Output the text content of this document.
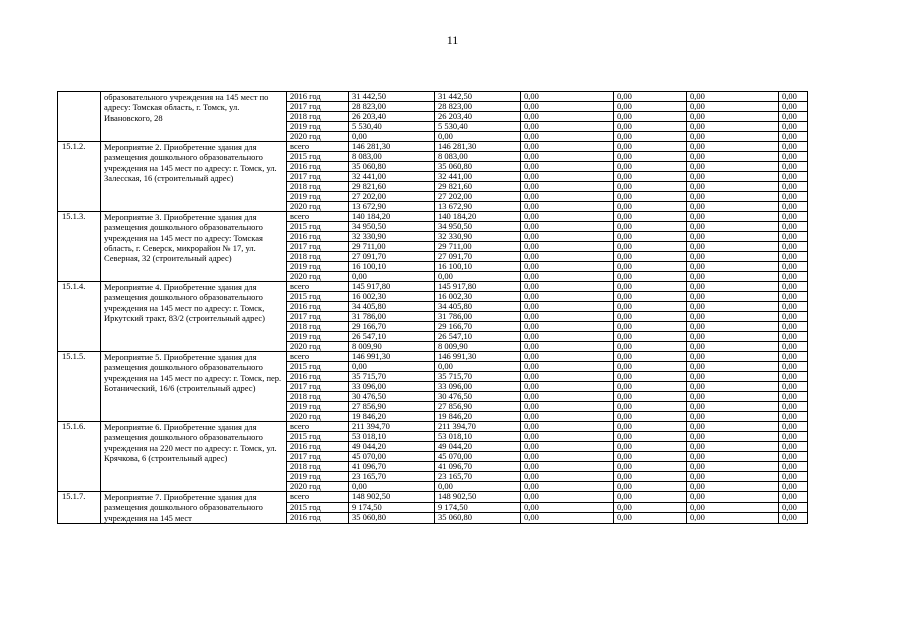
11
	образовательного учреждения на 145 мест по адресу: Томская область, г. Томск, ул. Ивановского, 28	2016 год	31 442,50	31 442,50	0,00	0,00	0,00	0,00	
		2017 год	28 823,00	28 823,00	0,00	0,00	0,00	0,00	
		2018 год	26 203,40	26 203,40	0,00	0,00	0,00	0,00	
		2019 год	5 530,40	5 530,40	0,00	0,00	0,00	0,00	
		2020 год	0,00	0,00	0,00	0,00	0,00	0,00	
15.1.2.	Мероприятие 2. Приобретение здания для размещения дошкольного образовательного учреждения на 145 мест по адресу: г. Томск, ул. Залесская, 16 (строительный адрес)	всего	146 281,30	146 281,30	0,00	0,00	0,00	0,00	
		2015 год	8 083,00	8 083,00	0,00	0,00	0,00	0,00	
		2016 год	35 060,80	35 060,80	0,00	0,00	0,00	0,00	
		2017 год	32 441,00	32 441,00	0,00	0,00	0,00	0,00	
		2018 год	29 821,60	29 821,60	0,00	0,00	0,00	0,00	
		2019 год	27 202,00	27 202,00	0,00	0,00	0,00	0,00	
		2020 год	13 672,90	13 672,90	0,00	0,00	0,00	0,00	
15.1.3.	Мероприятие 3. Приобретение здания для размещения дошкольного образовательного учреждения на 145 мест по адресу: Томская область, г. Северск, микрорайон № 17, ул. Северная, 32 (строительный адрес)	всего	140 184,20	140 184,20	0,00	0,00	0,00	0,00	
		2015 год	34 950,50	34 950,50	0,00	0,00	0,00	0,00	
		2016 год	32 330,90	32 330,90	0,00	0,00	0,00	0,00	
		2017 год	29 711,00	29 711,00	0,00	0,00	0,00	0,00	
		2018 год	27 091,70	27 091,70	0,00	0,00	0,00	0,00	
		2019 год	16 100,10	16 100,10	0,00	0,00	0,00	0,00	
		2020 год	0,00	0,00	0,00	0,00	0,00	0,00	
15.1.4.	Мероприятие 4. Приобретение здания для размещения дошкольного образовательного учреждения на 145 мест по адресу: г. Томск, Иркутский тракт, 83/2 (строительный адрес)	всего	145 917,80	145 917,80	0,00	0,00	0,00	0,00	
		2015 год	16 002,30	16 002,30	0,00	0,00	0,00	0,00	
		2016 год	34 405,80	34 405,80	0,00	0,00	0,00	0,00	
		2017 год	31 786,00	31 786,00	0,00	0,00	0,00	0,00	
		2018 год	29 166,70	29 166,70	0,00	0,00	0,00	0,00	
		2019 год	26 547,10	26 547,10	0,00	0,00	0,00	0,00	
		2020 год	8 009,90	8 009,90	0,00	0,00	0,00	0,00	
15.1.5.	Мероприятие 5. Приобретение здания для размещения дошкольного образовательного учреждения на 145 мест по адресу: г. Томск, пер. Ботанический, 16/6 (строительный адрес)	всего	146 991,30	146 991,30	0,00	0,00	0,00	0,00	
		2015 год	0,00	0,00	0,00	0,00	0,00	0,00	
		2016 год	35 715,70	35 715,70	0,00	0,00	0,00	0,00	
		2017 год	33 096,00	33 096,00	0,00	0,00	0,00	0,00	
		2018 год	30 476,50	30 476,50	0,00	0,00	0,00	0,00	
		2019 год	27 856,90	27 856,90	0,00	0,00	0,00	0,00	
		2020 год	19 846,20	19 846,20	0,00	0,00	0,00	0,00	
15.1.6.	Мероприятие 6. Приобретение здания для размещения дошкольного образовательного учреждения на 220 мест по адресу: г. Томск, ул. Крячкова, 6 (строительный адрес)	всего	211 394,70	211 394,70	0,00	0,00	0,00	0,00	
		2015 год	53 018,10	53 018,10	0,00	0,00	0,00	0,00	
		2016 год	49 044,20	49 044,20	0,00	0,00	0,00	0,00	
		2017 год	45 070,00	45 070,00	0,00	0,00	0,00	0,00	
		2018 год	41 096,70	41 096,70	0,00	0,00	0,00	0,00	
		2019 год	23 165,70	23 165,70	0,00	0,00	0,00	0,00	
		2020 год	0,00	0,00	0,00	0,00	0,00	0,00	
15.1.7.	Мероприятие 7. Приобретение здания для размещения дошкольного образовательного учреждения на 145 мест	всего	148 902,50	148 902,50	0,00	0,00	0,00	0,00	
		2015 год	9 174,50	9 174,50	0,00	0,00	0,00	0,00	
		2016 год	35 060,80	35 060,80	0,00	0,00	0,00	0,00	
